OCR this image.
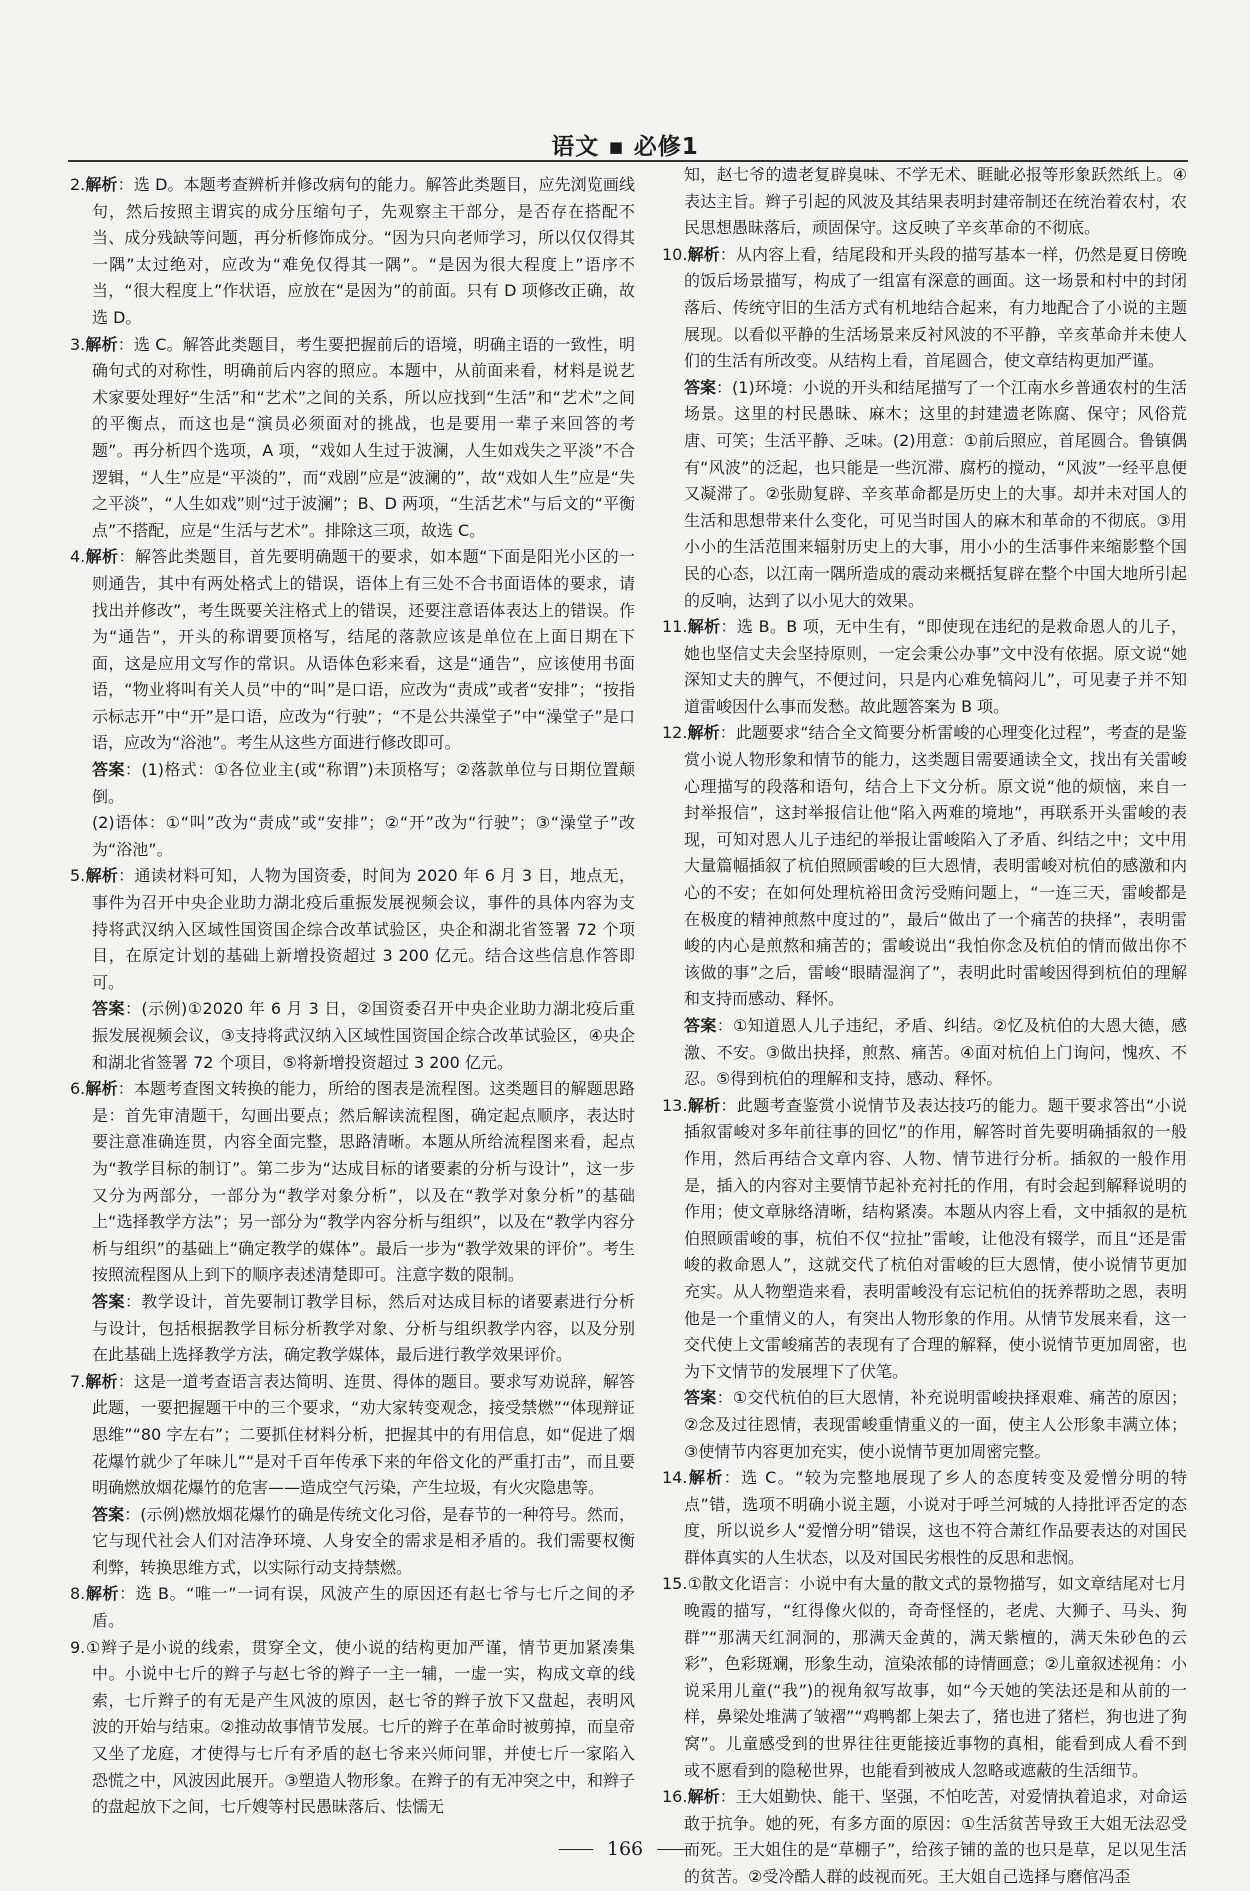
语文 ▪ 必修1

2.解析：选 D。本题考查辨析并修改病句的能力。解答此类题目，应先浏览画线句，然后按照主谓宾的成分压缩句子，先观察主干部分，是否存在搭配不当、成分残缺等问题，再分析修饰成分。“因为只向老师学习，所以仅仅得其一隅”太过绝对，应改为“难免仅得其一隅”。“是因为很大程度上”语序不当，“很大程度上”作状语，应放在“是因为”的前面。只有 D 项修改正确，故选 D。

3.解析：选 C。解答此类题目，考生要把握前后的语境，明确主语的一致性，明确句式的对称性，明确前后内容的照应。本题中，从前面来看，材料是说艺术家要处理好“生活”和“艺术”之间的关系，所以应找到“生活”和“艺术”之间的平衡点，而这也是“演员必须面对的挑战，也是要用一辈子来回答的考题”。再分析四个选项，A 项，“戏如人生过于波澜，人生如戏失之平淡”不合逻辑，“人生”应是“平淡的”，而“戏剧”应是“波澜的”，故“戏如人生”应是“失之平淡”，“人生如戏”则“过于波澜”；B、D 两项，“生活艺术”与后文的“平衡点”不搭配，应是“生活与艺术”。排除这三项，故选 C。

4.解析：解答此类题目，首先要明确题干的要求，如本题“下面是阳光小区的一则通告，其中有两处格式上的错误，语体上有三处不合书面语体的要求，请找出并修改”，考生既要关注格式上的错误，还要注意语体表达上的错误。作为“通告”，开头的称谓要顶格写，结尾的落款应该是单位在上面日期在下面，这是应用文写作的常识。从语体色彩来看，这是“通告”，应该使用书面语，“物业将叫有关人员”中的“叫”是口语，应改为“责成”或者“安排”；“按指示标志开”中“开”是口语，应改为“行驶”；“不是公共澡堂子”中“澡堂子”是口语，应改为“浴池”。考生从这些方面进行修改即可。

答案：(1)格式：①各位业主(或“称谓”)未顶格写；②落款单位与日期位置颠倒。

(2)语体：①“叫”改为“责成”或“安排”；②“开”改为“行驶”；③“澡堂子”改为“浴池”。

5.解析：通读材料可知，人物为国资委，时间为 2020 年 6 月 3 日，地点无，事件为召开中央企业助力湖北疫后重振发展视频会议，事件的具体内容为支持将武汉纳入区域性国资国企综合改革试验区，央企和湖北省签署 72 个项目，在原定计划的基础上新增投资超过 3 200 亿元。结合这些信息作答即可。

答案：(示例)①2020 年 6 月 3 日，②国资委召开中央企业助力湖北疫后重振发展视频会议，③支持将武汉纳入区域性国资国企综合改革试验区，④央企和湖北省签署 72 个项目，⑤将新增投资超过 3 200 亿元。

6.解析：本题考查图文转换的能力，所给的图表是流程图。这类题目的解题思路是：首先审清题干，勾画出要点；然后解读流程图，确定起点顺序，表达时要注意准确连贯，内容全面完整，思路清晰。本题从所给流程图来看，起点为“教学目标的制订”。第二步为“达成目标的诸要素的分析与设计”，这一步又分为两部分，一部分为“教学对象分析”，以及在“教学对象分析”的基础上“选择教学方法”；另一部分为“教学内容分析与组织”，以及在“教学内容分析与组织”的基础上“确定教学的媒体”。最后一步为“教学效果的评价”。考生按照流程图从上到下的顺序表述清楚即可。注意字数的限制。

答案：教学设计，首先要制订教学目标，然后对达成目标的诸要素进行分析与设计，包括根据教学目标分析教学对象、分析与组织教学内容，以及分别在此基础上选择教学方法，确定教学媒体，最后进行教学效果评价。

7.解析：这是一道考查语言表达简明、连贯、得体的题目。要求写劝说辞，解答此题，一要把握题干中的三个要求，“劝大家转变观念，接受禁燃”“体现辩证思维”“80 字左右”；二要抓住材料分析，把握其中的有用信息，如“促进了烟花爆竹就少了年味儿”“是对千百年传承下来的年俗文化的严重打击”，而且要明确燃放烟花爆竹的危害——造成空气污染，产生垃圾，有火灾隐患等。

答案：(示例)燃放烟花爆竹的确是传统文化习俗，是春节的一种符号。然而，它与现代社会人们对洁净环境、人身安全的需求是相矛盾的。我们需要权衡利弊，转换思维方式，以实际行动支持禁燃。

8.解析：选 B。“唯一”一词有误，风波产生的原因还有赵七爷与七斤之间的矛盾。

9.①辫子是小说的线索，贯穿全文，使小说的结构更加严谨，情节更加紧凑集中。小说中七斤的辫子与赵七爷的辫子一主一辅，一虚一实，构成文章的线索，七斤辫子的有无是产生风波的原因，赵七爷的辫子放下又盘起，表明风波的开始与结束。②推动故事情节发展。七斤的辫子在革命时被剪掉，而皇帝又坐了龙庭，才使得与七斤有矛盾的赵七爷来兴师问罪，并使七斤一家陷入恐慌之中，风波因此展开。③塑造人物形象。在辫子的有无冲突之中，和辫子的盘起放下之间，七斤嫂等村民愚昧落后、怯懦无

知，赵七爷的遗老复辟臭味、不学无术、睚眦必报等形象跃然纸上。④表达主旨。辫子引起的风波及其结果表明封建帝制还在统治着农村，农民思想愚昧落后，顽固保守。这反映了辛亥革命的不彻底。

10.解析：从内容上看，结尾段和开头段的描写基本一样，仍然是夏日傍晚的饭后场景描写，构成了一组富有深意的画面。这一场景和村中的封闭落后、传统守旧的生活方式有机地结合起来，有力地配合了小说的主题展现。以看似平静的生活场景来反衬风波的不平静，辛亥革命并未使人们的生活有所改变。从结构上看，首尾圆合，使文章结构更加严谨。

答案：(1)环境：小说的开头和结尾描写了一个江南水乡普通农村的生活场景。这里的村民愚昧、麻木；这里的封建遗老陈腐、保守；风俗荒唐、可笑；生活平静、乏味。(2)用意：①前后照应，首尾圆合。鲁镇偶有“风波”的泛起，也只能是一些沉滞、腐朽的搅动，“风波”一经平息便又凝滞了。②张勋复辟、辛亥革命都是历史上的大事。却并未对国人的生活和思想带来什么变化，可见当时国人的麻木和革命的不彻底。③用小小的生活范围来辐射历史上的大事，用小小的生活事件来缩影整个国民的心态，以江南一隅所造成的震动来概括复辟在整个中国大地所引起的反响，达到了以小见大的效果。

11.解析：选 B。B 项，无中生有，“即使现在违纪的是救命恩人的儿子，她也坚信丈夫会坚持原则，一定会秉公办事”文中没有依据。原文说“她深知丈夫的脾气，不便过问，只是内心难免犒闷儿”，可见妻子并不知道雷峻因什么事而发愁。故此题答案为 B 项。

12.解析：此题要求“结合全文简要分析雷峻的心理变化过程”，考查的是鉴赏小说人物形象和情节的能力，这类题目需要通读全文，找出有关雷峻心理描写的段落和语句，结合上下文分析。原文说“他的烦恼，来自一封举报信”，这封举报信让他“陷入两难的境地”，再联系开头雷峻的表现，可知对恩人儿子违纪的举报让雷峻陷入了矛盾、纠结之中；文中用大量篇幅插叙了杭伯照顾雷峻的巨大恩情，表明雷峻对杭伯的感激和内心的不安；在如何处理杭裕田贪污受贿问题上，“一连三天，雷峻都是在极度的精神煎熬中度过的”，最后“做出了一个痛苦的抉择”，表明雷峻的内心是煎熬和痛苦的；雷峻说出“我怕你念及杭伯的情而做出你不该做的事”之后，雷峻“眼睛湿润了”，表明此时雷峻因得到杭伯的理解和支持而感动、释怀。

答案：①知道恩人儿子违纪，矛盾、纠结。②忆及杭伯的大恩大德，感激、不安。③做出抉择，煎熬、痛苦。④面对杭伯上门询问，愧疚、不忍。⑤得到杭伯的理解和支持，感动、释怀。

13.解析：此题考查鉴赏小说情节及表达技巧的能力。题干要求答出“小说插叙雷峻对多年前往事的回忆”的作用，解答时首先要明确插叙的一般作用，然后再结合文章内容、人物、情节进行分析。插叙的一般作用是，插入的内容对主要情节起补充衬托的作用，有时会起到解释说明的作用；使文章脉络清晰，结构紧凑。本题从内容上看，文中插叙的是杭伯照顾雷峻的事，杭伯不仅“拉扯”雷峻，让他没有辍学，而且“还是雷峻的救命恩人”，这就交代了杭伯对雷峻的巨大恩情，使小说情节更加充实。从人物塑造来看，表明雷峻没有忘记杭伯的抚养帮助之恩，表明他是一个重情义的人，有突出人物形象的作用。从情节发展来看，这一交代使上文雷峻痛苦的表现有了合理的解释，使小说情节更加周密，也为下文情节的发展埋下了伏笔。

答案：①交代杭伯的巨大恩情，补充说明雷峻抉择艰难、痛苦的原因；②念及过往恩情，表现雷峻重情重义的一面，使主人公形象丰满立体；③使情节内容更加充实，使小说情节更加周密完整。

14.解析：选 C。“较为完整地展现了乡人的态度转变及爱憎分明的特点”错，选项不明确小说主题，小说对于呼兰河城的人持批评否定的态度，所以说乡人“爱憎分明”错误，这也不符合萧红作品要表达的对国民群体真实的人生状态，以及对国民劣根性的反思和悲悯。

15.①散文化语言：小说中有大量的散文式的景物描写，如文章结尾对七月晚霞的描写，“红得像火似的，奇奇怪怪的，老虎、大狮子、马头、狗群”“那满天红洞洞的，那满天金黄的，满天紫檀的，满天朱砂色的云彩”，色彩斑斓，形象生动，渲染浓郁的诗情画意；②儿童叙述视角：小说采用儿童(“我”)的视角叙写故事，如“今天她的笑法还是和从前的一样，鼻梁处堆满了皱褶”“鸡鸭都上架去了，猪也进了猪栏，狗也进了狗窝”。儿童感受到的世界往往更能接近事物的真相，能看到成人看不到或不愿看到的隐秘世界，也能看到被成人忽略或遮蔽的生活细节。

16.解析：王大姐勤快、能干、坚强，不怕吃苦，对爱情执着追求，对命运敢于抗争。她的死，有多方面的原因：①生活贫苦导致王大姐无法忍受而死。王大姐住的是“草棚子”，给孩子铺的盖的也只是草，足以见生活的贫苦。②受冷酷人群的歧视而死。王大姐自己选择与磨倌冯歪

166
